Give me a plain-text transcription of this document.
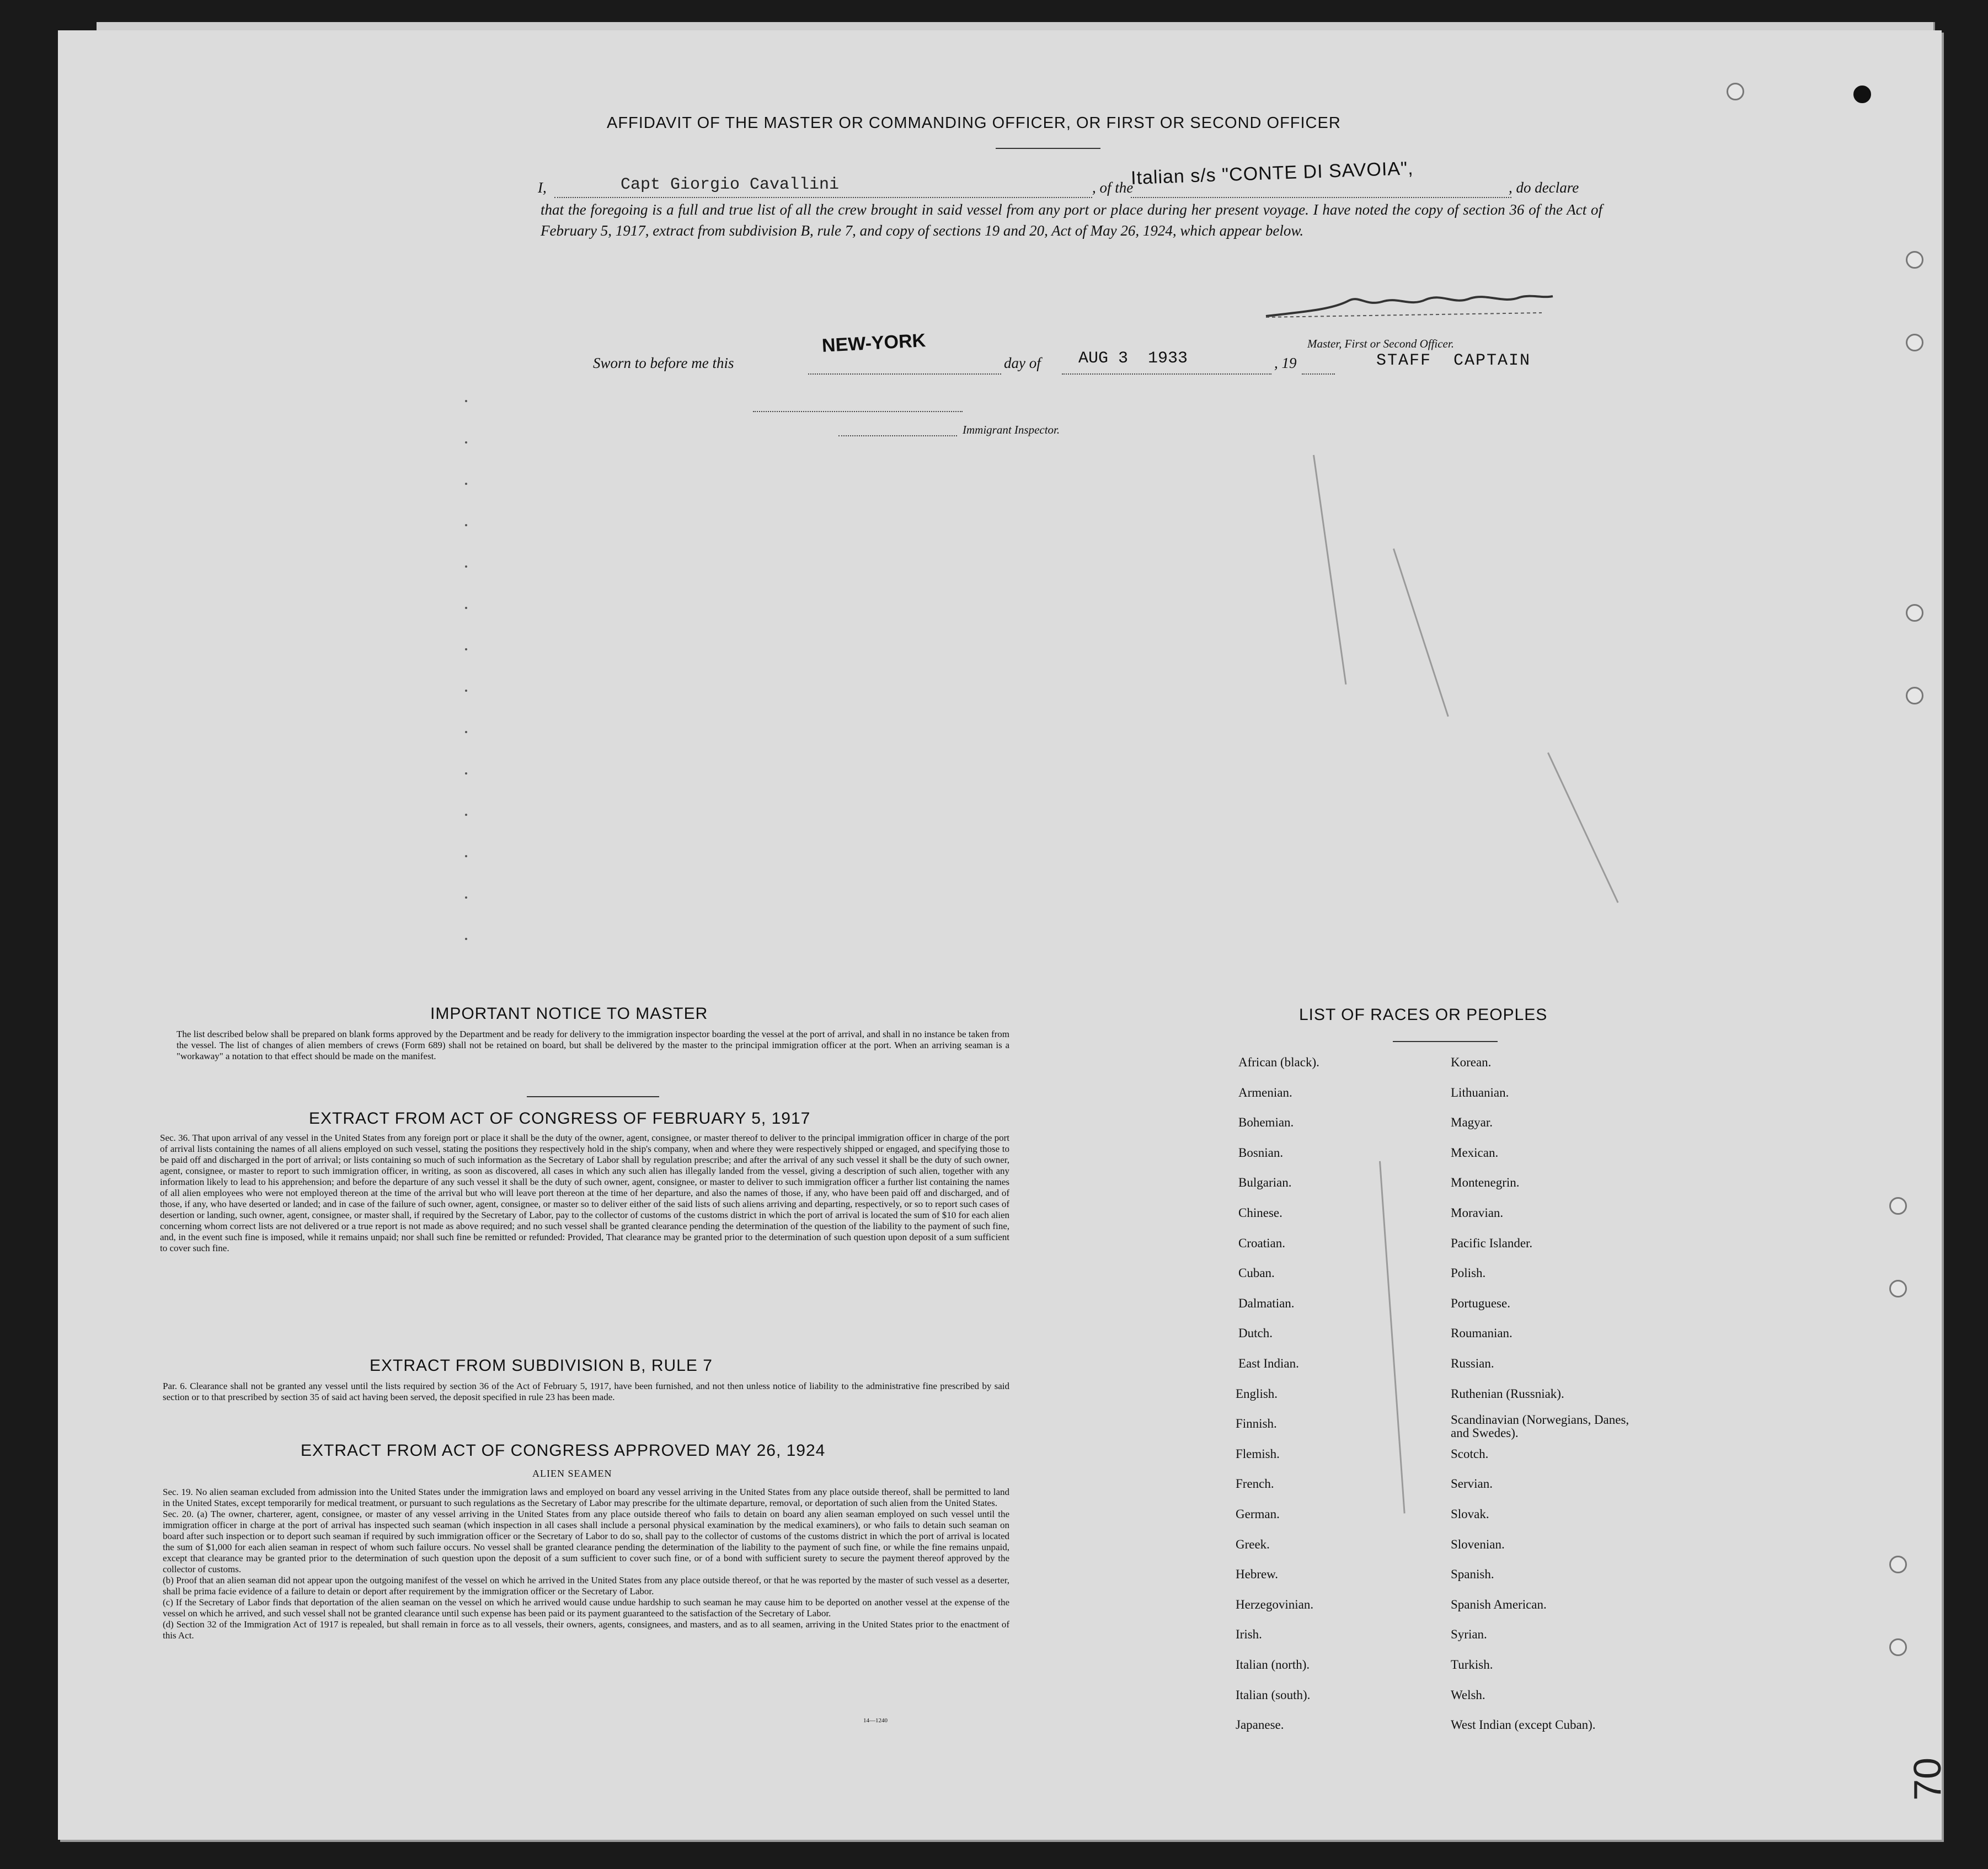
AFFIDAVIT OF THE MASTER OR COMMANDING OFFICER, OR FIRST OR SECOND OFFICER
I,	Capt Giorgio Cavallini	, of the
Italian s/s "CONTE DI SAVOIA",	, do declare

that the foregoing is a full and true list of all the crew brought in said vessel from any port or place during her present voyage. I have noted the copy of section 36 of the Act of February 5, 1917, extract from subdivision B, rule 7, and copy of sections 19 and 20, Act of May 26, 1924, which appear below.

Sworn to before me this
NEW-YORK
day of AUG 3  1933	, 19
Master, First or Second Officer.
STAFF  CAPTAIN
Immigrant Inspector.
IMPORTANT NOTICE TO MASTER

The list described below shall be prepared on blank forms approved by the Department and be ready for delivery to the immigration inspector boarding the vessel at the port of arrival, and shall in no instance be taken from the vessel. The list of changes of alien members of crews (Form 689) shall not be retained on board, but shall be delivered by the master to the principal immigration officer at the port. When an arriving seaman is a "workaway" a notation to that effect should be made on the manifest.

EXTRACT FROM ACT OF CONGRESS OF FEBRUARY 5, 1917

Sec. 36. That upon arrival of any vessel in the United States from any foreign port or place it shall be the duty of the owner, agent, consignee, or master thereof to deliver to the principal immigration officer in charge of the port of arrival lists containing the names of all aliens employed on such vessel, stating the positions they respectively hold in the ship's company, when and where they were respectively shipped or engaged, and specifying those to be paid off and discharged in the port of arrival; or lists containing so much of such information as the Secretary of Labor shall by regulation prescribe; and after the arrival of any such vessel it shall be the duty of such owner, agent, consignee, or master to report to such immigration officer, in writing, as soon as discovered, all cases in which any such alien has illegally landed from the vessel, giving a description of such alien, together with any information likely to lead to his apprehension; and before the departure of any such vessel it shall be the duty of such owner, agent, consignee, or master to deliver to such immigration officer a further list containing the names of all alien employees who were not employed thereon at the time of the arrival but who will leave port thereon at the time of her departure, and also the names of those, if any, who have been paid off and discharged, and of those, if any, who have deserted or landed; and in case of the failure of such owner, agent, consignee, or master so to deliver either of the said lists of such aliens arriving and departing, respectively, or so to report such cases of desertion or landing, such owner, agent, consignee, or master shall, if required by the Secretary of Labor, pay to the collector of customs of the customs district in which the port of arrival is located the sum of $10 for each alien concerning whom correct lists are not delivered or a true report is not made as above required; and no such vessel shall be granted clearance pending the determination of the question of the liability to the payment of such fine, and, in the event such fine is imposed, while it remains unpaid; nor shall such fine be remitted or refunded: Provided, That clearance may be granted prior to the determination of such question upon deposit of a sum sufficient to cover such fine.

EXTRACT FROM SUBDIVISION B, RULE 7

Par. 6. Clearance shall not be granted any vessel until the lists required by section 36 of the Act of February 5, 1917, have been furnished, and not then unless notice of liability to the administrative fine prescribed by said section or to that prescribed by section 35 of said act having been served, the deposit specified in rule 23 has been made.

EXTRACT FROM ACT OF CONGRESS APPROVED MAY 26, 1924
ALIEN SEAMEN

Sec. 19. No alien seaman excluded from admission into the United States under the immigration laws and employed on board any vessel arriving in the United States from any place outside thereof, shall be permitted to land in the United States, except temporarily for medical treatment, or pursuant to such regulations as the Secretary of Labor may prescribe for the ultimate departure, removal, or deportation of such alien from the United States.

Sec. 20. (a) The owner, charterer, agent, consignee, or master of any vessel arriving in the United States from any place outside thereof who fails to detain on board any alien seaman employed on such vessel until the immigration officer in charge at the port of arrival has inspected such seaman (which inspection in all cases shall include a personal physical examination by the medical examiners), or who fails to detain such seaman on board after such inspection or to deport such seaman if required by such immigration officer or the Secretary of Labor to do so, shall pay to the collector of customs of the customs district in which the port of arrival is located the sum of $1,000 for each alien seaman in respect of whom such failure occurs. No vessel shall be granted clearance pending the determination of the liability to the payment of such fine, or while the fine remains unpaid, except that clearance may be granted prior to the determination of such question upon the deposit of a sum sufficient to cover such fine, or of a bond with sufficient surety to secure the payment thereof approved by the collector of customs.

(b) Proof that an alien seaman did not appear upon the outgoing manifest of the vessel on which he arrived in the United States from any place outside thereof, or that he was reported by the master of such vessel as a deserter, shall be prima facie evidence of a failure to detain or deport after requirement by the immigration officer or the Secretary of Labor.

(c) If the Secretary of Labor finds that deportation of the alien seaman on the vessel on which he arrived would cause undue hardship to such seaman he may cause him to be deported on another vessel at the expense of the vessel on which he arrived, and such vessel shall not be granted clearance until such expense has been paid or its payment guaranteed to the satisfaction of the Secretary of Labor.

(d) Section 32 of the Immigration Act of 1917 is repealed, but shall remain in force as to all vessels, their owners, agents, consignees, and masters, and as to all seamen, arriving in the United States prior to the enactment of this Act.

14—1240
LIST OF RACES OR PEOPLES
African (black).
Armenian.
Bohemian.
Bosnian.
Bulgarian.
Chinese.
Croatian.
Cuban.
Dalmatian.
Dutch.
East Indian.
English.
Finnish.
Flemish.
French.
German.
Greek.
Hebrew.
Herzegovinian.
Irish.
Italian (north).
Italian (south).
Japanese.
Korean.
Lithuanian.
Magyar.
Mexican.
Montenegrin.
Moravian.
Pacific Islander.
Polish.
Portuguese.
Roumanian.
Russian.
Ruthenian (Russniak).
Scandinavian (Norwegians, Danes, and Swedes).
Scotch.
Servian.
Slovak.
Slovenian.
Spanish.
Spanish American.
Syrian.
Turkish.
Welsh.
West Indian (except Cuban).
70
